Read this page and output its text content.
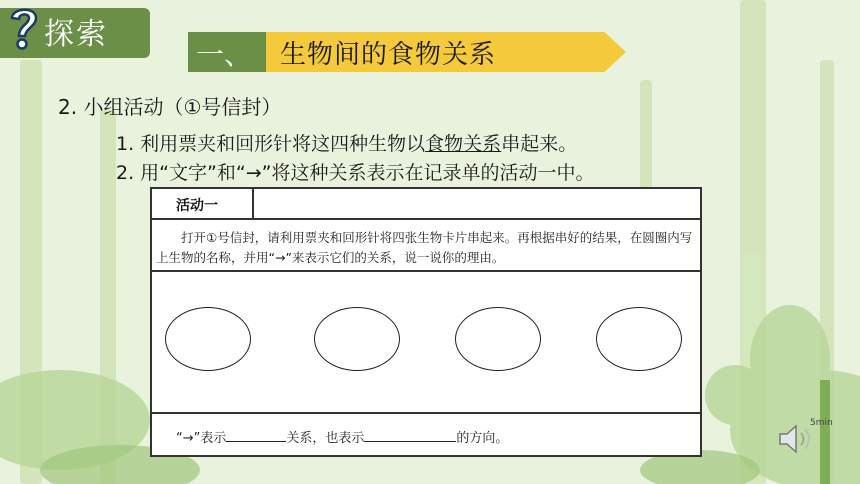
探索
一、 生物间的食物关系
2. 小组活动（①号信封）
1. 利用票夹和回形针将这四种生物以食物关系串起来。
2. 用“文字”和“→”将这种关系表示在记录单的活动一中。
活动一
打开①号信封，请利用票夹和回形针将四张生物卡片串起来。再根据串好的结果，在圆圈内写上生物的名称，并用“→”来表示它们的关系，说一说你的理由。
“→”表示	关系，也表示	的方向。
5min
